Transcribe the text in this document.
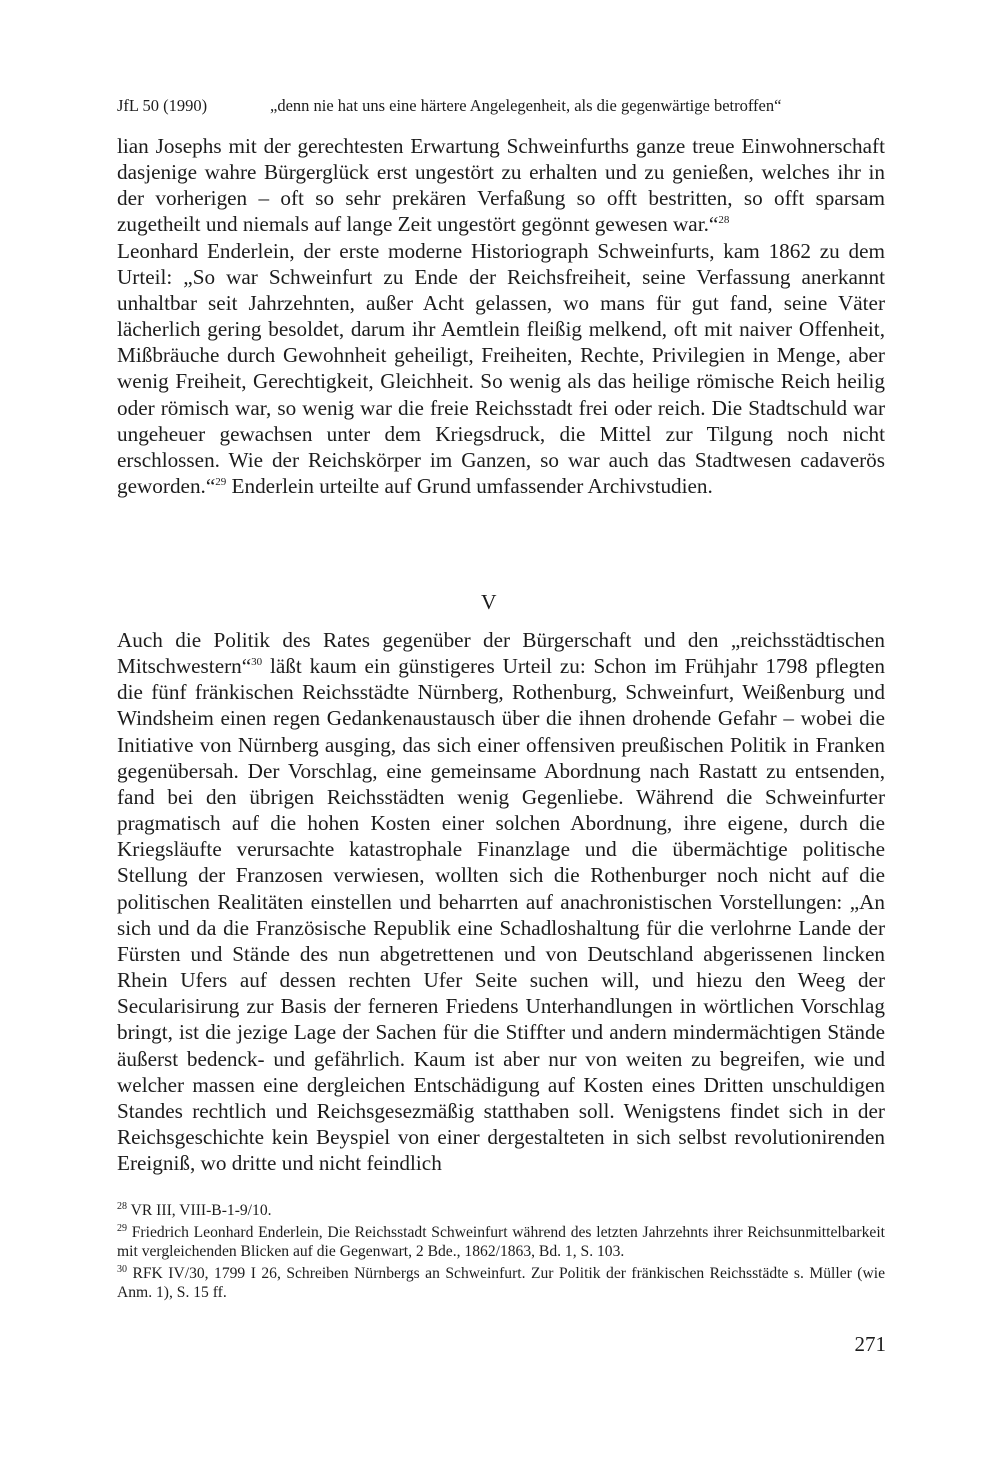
JfL 50 (1990)	„denn nie hat uns eine härtere Angelegenheit, als die gegenwärtige betroffen“

lian Josephs mit der gerechtesten Erwartung Schweinfurths ganze treue Einwohnerschaft dasjenige wahre Bürgerglück erst ungestört zu erhalten und zu genießen, welches ihr in der vorherigen – oft so sehr prekären Verfaßung so offt bestritten, so offt sparsam zugetheilt und niemals auf lange Zeit ungestört gegönnt gewesen war.“$^{28}$

Leonhard Enderlein, der erste moderne Historiograph Schweinfurts, kam 1862 zu dem Urteil: „So war Schweinfurt zu Ende der Reichsfreiheit, seine Verfassung anerkannt unhaltbar seit Jahrzehnten, außer Acht gelassen, wo mans für gut fand, seine Väter lächerlich gering besoldet, darum ihr Aemtlein fleißig melkend, oft mit naiver Offenheit, Mißbräuche durch Gewohnheit geheiligt, Freiheiten, Rechte, Privilegien in Menge, aber wenig Freiheit, Gerechtigkeit, Gleichheit. So wenig als das heilige römische Reich heilig oder römisch war, so wenig war die freie Reichsstadt frei oder reich. Die Stadtschuld war ungeheuer gewachsen unter dem Kriegsdruck, die Mittel zur Tilgung noch nicht erschlossen. Wie der Reichskörper im Ganzen, so war auch das Stadtwesen cadaverös geworden.“$^{29}$ Enderlein urteilte auf Grund umfassender Archivstudien.

V

Auch die Politik des Rates gegenüber der Bürgerschaft und den „reichsstädtischen Mitschwestern“$^{30}$ läßt kaum ein günstigeres Urteil zu: Schon im Frühjahr 1798 pflegten die fünf fränkischen Reichsstädte Nürnberg, Rothenburg, Schweinfurt, Weißenburg und Windsheim einen regen Gedankenaustausch über die ihnen drohende Gefahr – wobei die Initiative von Nürnberg ausging, das sich einer offensiven preußischen Politik in Franken gegenübersah. Der Vorschlag, eine gemeinsame Abordnung nach Rastatt zu entsenden, fand bei den übrigen Reichsstädten wenig Gegenliebe. Während die Schweinfurter pragmatisch auf die hohen Kosten einer solchen Abordnung, ihre eigene, durch die Kriegsläufte verursachte katastrophale Finanzlage und die übermächtige politische Stellung der Franzosen verwiesen, wollten sich die Rothenburger noch nicht auf die politischen Realitäten einstellen und beharrten auf anachronistischen Vorstellungen: „An sich und da die Französische Republik eine Schadloshaltung für die verlohrne Lande der Fürsten und Stände des nun abgetrettenen und von Deutschland abgerissenen lincken Rhein Ufers auf dessen rechten Ufer Seite suchen will, und hiezu den Weeg der Secularisirung zur Basis der ferneren Friedens Unterhandlungen in wörtlichen Vorschlag bringt, ist die jezige Lage der Sachen für die Stiffter und andern mindermächtigen Stände äußerst bedenck- und gefährlich. Kaum ist aber nur von weiten zu begreifen, wie und welcher massen eine dergleichen Entschädigung auf Kosten eines Dritten unschuldigen Standes rechtlich und Reichsgesezmäßig statthaben soll. Wenigstens findet sich in der Reichsgeschichte kein Beyspiel von einer dergestalteten in sich selbst revolutionirenden Ereigniß, wo dritte und nicht feindlich

$^{28}$ VR III, VIII-B-1-9/10.

$^{29}$ Friedrich Leonhard Enderlein, Die Reichsstadt Schweinfurt während des letzten Jahrzehnts ihrer Reichsunmittelbarkeit mit vergleichenden Blicken auf die Gegenwart, 2 Bde., 1862/1863, Bd. 1, S. 103.

$^{30}$ RFK IV/30, 1799 I 26, Schreiben Nürnbergs an Schweinfurt. Zur Politik der fränkischen Reichsstädte s. Müller (wie Anm. 1), S. 15 ff.

271
